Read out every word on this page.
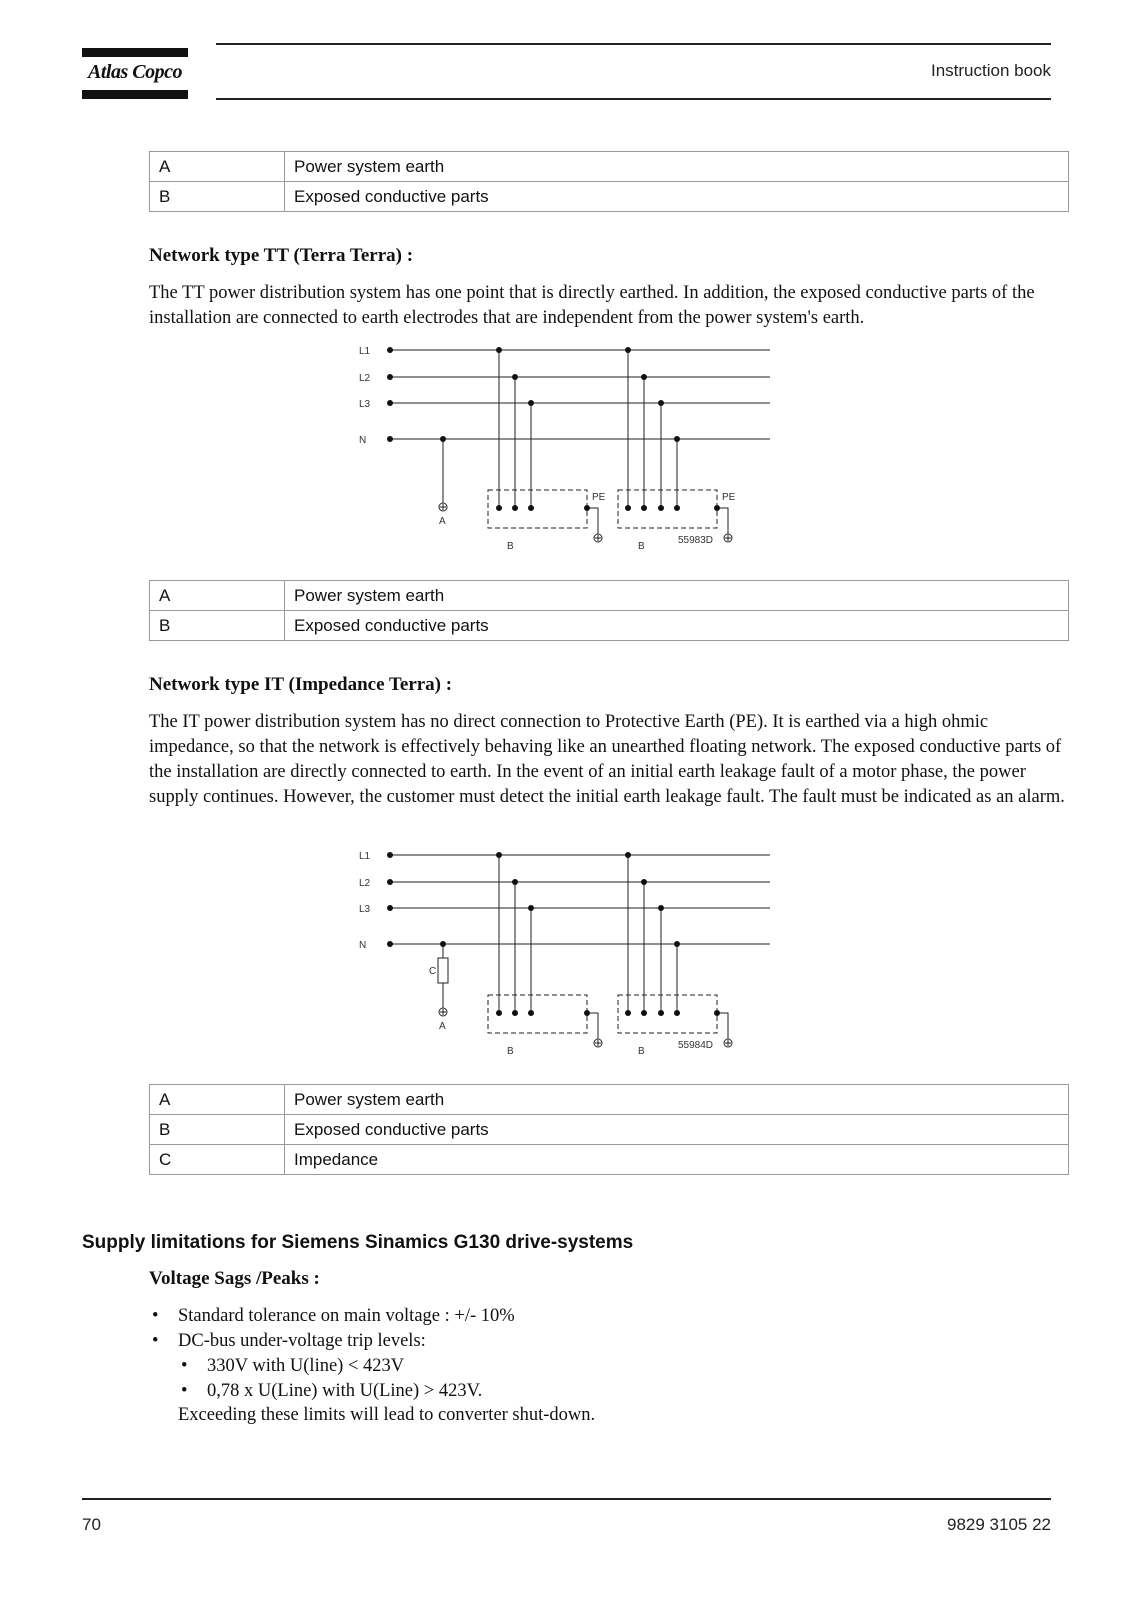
Atlas Copco	Instruction book
A	Power system earth
B	Exposed conductive parts
Network type TT (Terra Terra) :

The TT power distribution system has one point that is directly earthed. In addition, the exposed conductive parts of the installation are connected to earth electrodes that are independent from the power system's earth.

L1
L2
L3
N
A
B	B
PE	PE
55983D
A	Power system earth
B	Exposed conductive parts
Network type IT (Impedance Terra) :

The IT power distribution system has no direct connection to Protective Earth (PE). It is earthed via a high ohmic impedance, so that the network is effectively behaving like an unearthed floating network. The exposed conductive parts of the installation are directly connected to earth. In the event of an initial earth leakage fault of a motor phase, the power supply continues. However, the customer must detect the initial earth leakage fault. The fault must be indicated as an alarm.

L1
L2
L3
N
C
A
B	B
55984D
A	Power system earth
B	Exposed conductive parts
C	Impedance
Supply limitations for Siemens Sinamics G130 drive-systems
Voltage Sags /Peaks :
• Standard tolerance on main voltage : +/- 10%
• DC-bus under-voltage trip levels:
• 330V with U(line) < 423V
• 0,78 x U(Line) with U(Line) > 423V.
Exceeding these limits will lead to converter shut-down.
70	9829 3105 22
